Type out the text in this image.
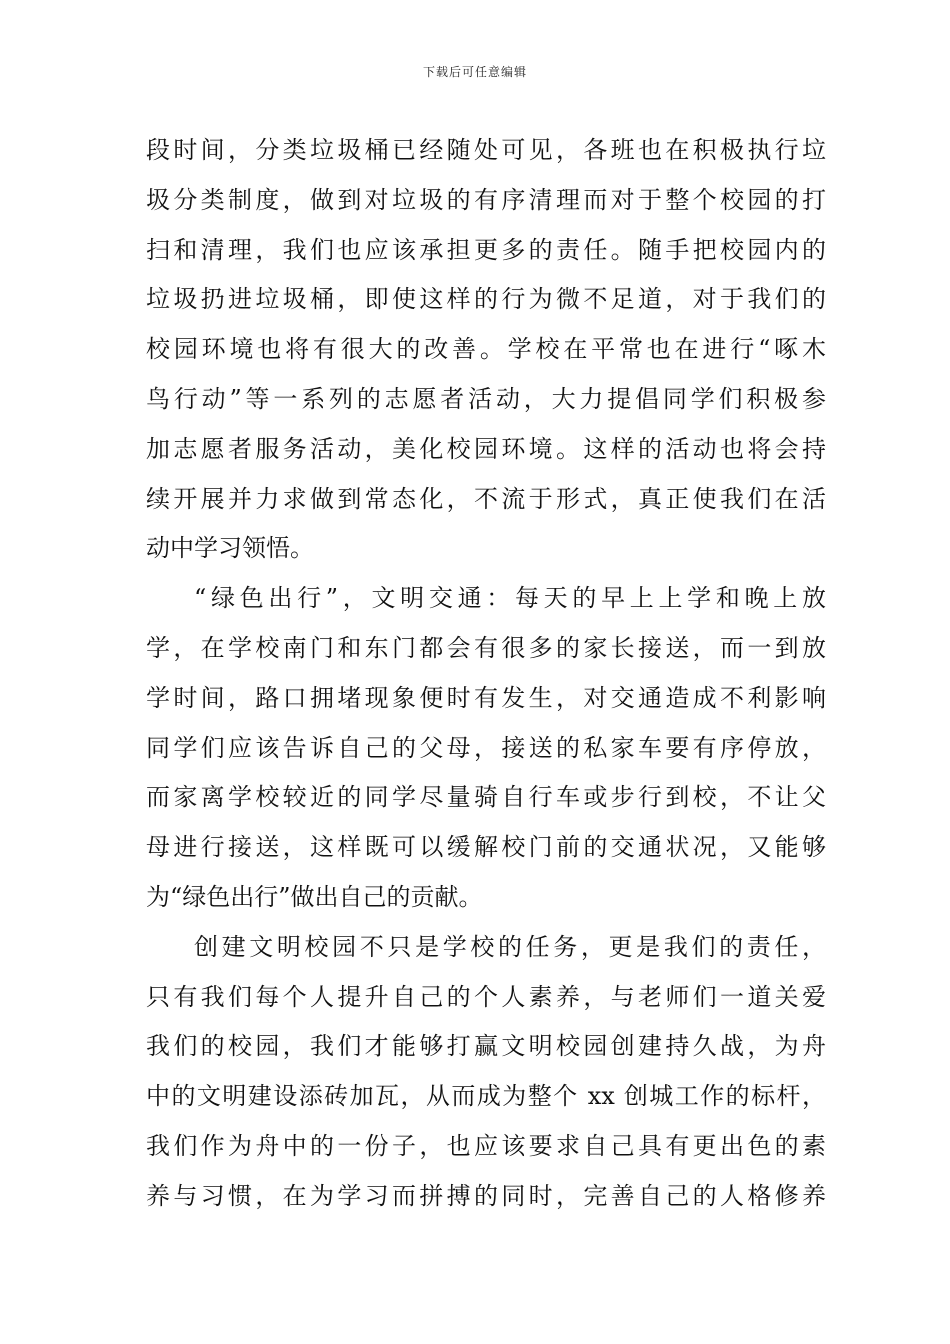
下载后可任意编辑
段时间，分类垃圾桶已经随处可见，各班也在积极执行垃
圾分类制度，做到对垃圾的有序清理而对于整个校园的打
扫和清理，我们也应该承担更多的责任。随手把校园内的
垃圾扔进垃圾桶，即使这样的行为微不足道，对于我们的
校园环境也将有很大的改善。学校在平常也在进行“啄木
鸟行动”等一系列的志愿者活动，大力提倡同学们积极参
加志愿者服务活动，美化校园环境。这样的活动也将会持
续开展并力求做到常态化，不流于形式，真正使我们在活
动中学习领悟。
“绿色出行”，文明交通：每天的早上上学和晚上放
学，在学校南门和东门都会有很多的家长接送，而一到放
学时间，路口拥堵现象便时有发生，对交通造成不利影响
同学们应该告诉自己的父母，接送的私家车要有序停放，
而家离学校较近的同学尽量骑自行车或步行到校，不让父
母进行接送，这样既可以缓解校门前的交通状况，又能够
为“绿色出行”做出自己的贡献。
创建文明校园不只是学校的任务，更是我们的责任，
只有我们每个人提升自己的个人素养，与老师们一道关爱
我们的校园，我们才能够打赢文明校园创建持久战，为舟
中的文明建设添砖加瓦，从而成为整个 xx 创城工作的标杆，
我们作为舟中的一份子，也应该要求自己具有更出色的素
养与习惯，在为学习而拼搏的同时，完善自己的人格修养
